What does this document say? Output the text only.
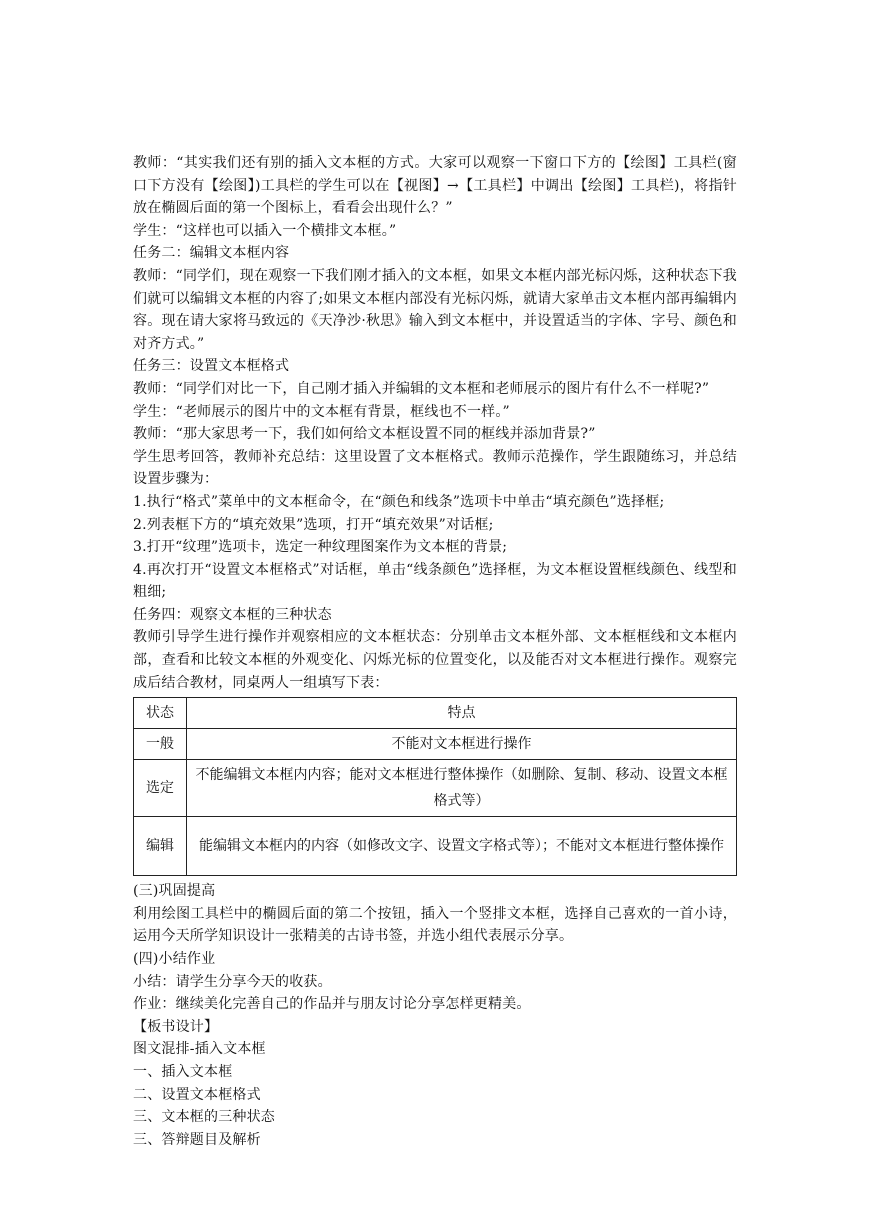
教师：“其实我们还有别的插入文本框的方式。大家可以观察一下窗口下方的【绘图】工具栏(窗口下方没有【绘图】)工具栏的学生可以在【视图】→【工具栏】中调出【绘图】工具栏)，将指针放在椭圆后面的第一个图标上，看看会出现什么？”

学生：“这样也可以插入一个横排文本框。”

任务二：编辑文本框内容

教师：“同学们，现在观察一下我们刚才插入的文本框，如果文本框内部光标闪烁，这种状态下我们就可以编辑文本框的内容了;如果文本框内部没有光标闪烁，就请大家单击文本框内部再编辑内容。现在请大家将马致远的《天净沙·秋思》输入到文本框中，并设置适当的字体、字号、颜色和对齐方式。”

任务三：设置文本框格式

教师：“同学们对比一下，自己刚才插入并编辑的文本框和老师展示的图片有什么不一样呢?”

学生：“老师展示的图片中的文本框有背景，框线也不一样。”

教师：“那大家思考一下，我们如何给文本框设置不同的框线并添加背景?”

学生思考回答，教师补充总结：这里设置了文本框格式。教师示范操作，学生跟随练习，并总结设置步骤为：

1.执行“格式”菜单中的文本框命令，在“颜色和线条”选项卡中单击“填充颜色”选择框;

2.列表框下方的“填充效果”选项，打开“填充效果”对话框;

3.打开“纹理”选项卡，选定一种纹理图案作为文本框的背景;

4.再次打开“设置文本框格式”对话框，单击“线条颜色”选择框，为文本框设置框线颜色、线型和粗细;

任务四：观察文本框的三种状态

教师引导学生进行操作并观察相应的文本框状态：分别单击文本框外部、文本框框线和文本框内部，查看和比较文本框的外观变化、闪烁光标的位置变化，以及能否对文本框进行操作。观察完成后结合教材，同桌两人一组填写下表：

状态	特点
一般	不能对文本框进行操作
选定	不能编辑文本框内内容；能对文本框进行整体操作（如删除、复制、移动、设置文本框格式等）
编辑	能编辑文本框内的内容（如修改文字、设置文字格式等）；不能对文本框进行整体操作

(三)巩固提高

利用绘图工具栏中的椭圆后面的第二个按钮，插入一个竖排文本框，选择自己喜欢的一首小诗，运用今天所学知识设计一张精美的古诗书签，并选小组代表展示分享。

(四)小结作业

小结：请学生分享今天的收获。

作业：继续美化完善自己的作品并与朋友讨论分享怎样更精美。

【板书设计】

图文混排-插入文本框

一、插入文本框

二、设置文本框格式

三、文本框的三种状态

三、答辩题目及解析
